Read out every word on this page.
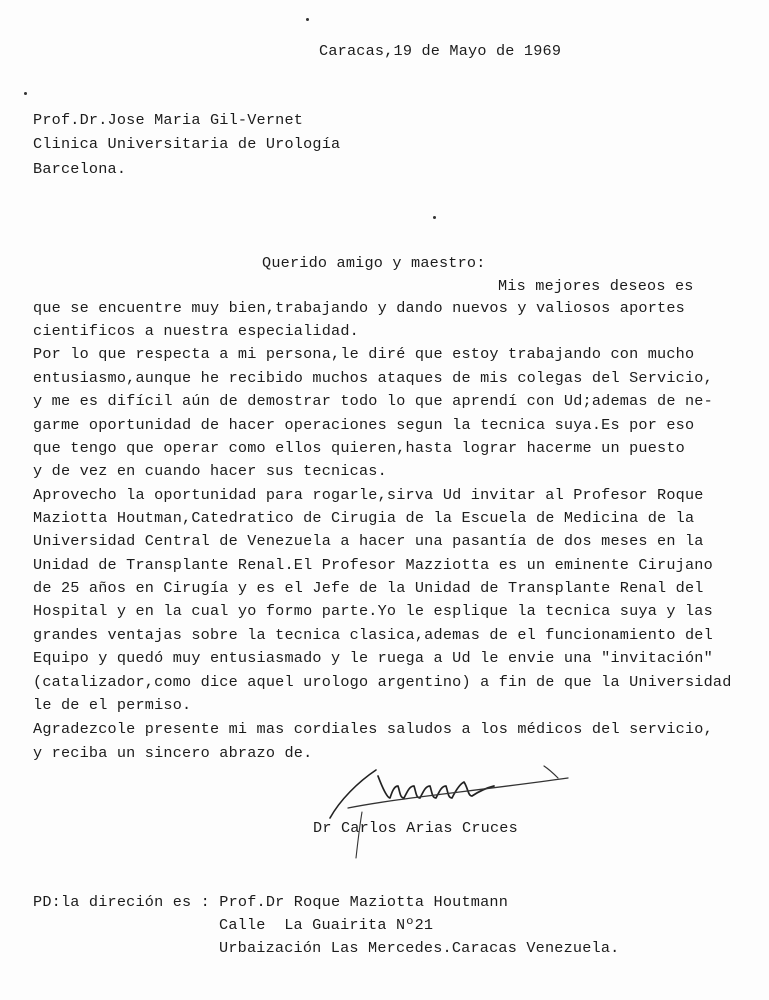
Caracas,19 de Mayo de 1969
Prof.Dr.Jose Maria Gil-Vernet
Clinica Universitaria de Urología
Barcelona.
Querido amigo y maestro:
Mis mejores deseos es
que se encuentre muy bien,trabajando y dando nuevos y valiosos aportes
cientificos a nuestra especialidad.
Por lo que respecta a mi persona,le diré que estoy trabajando con mucho
entusiasmo,aunque he recibido muchos ataques de mis colegas del Servicio,
y me es difícil aún de demostrar todo lo que aprendí con Ud;ademas de ne-
garme oportunidad de hacer operaciones segun la tecnica suya.Es por eso
que tengo que operar como ellos quieren,hasta lograr hacerme un puesto
y de vez en cuando hacer sus tecnicas.
Aprovecho la oportunidad para rogarle,sirva Ud invitar al Profesor Roque
Maziotta Houtman,Catedratico de Cirugia de la Escuela de Medicina de la
Universidad Central de Venezuela a hacer una pasantía de dos meses en la
Unidad de Transplante Renal.El Profesor Mazziotta es un eminente Cirujano
de 25 años en Cirugía y es el Jefe de la Unidad de Transplante Renal del
Hospital y en la cual yo formo parte.Yo le esplique la tecnica suya y las
grandes ventajas sobre la tecnica clasica,ademas de el funcionamiento del
Equipo y quedó muy entusiasmado y le ruega a Ud le envie una "invitación"
(catalizador,como dice aquel urologo argentino) a fin de que la Universidad
le de el permiso.
Agradezcole presente mi mas cordiales saludos a los médicos del servicio,
y reciba un sincero abrazo de.
Dr Carlos Arias Cruces
PD:la direción es : Prof.Dr Roque Maziotta Houtmann
Calle  La Guairita Nº21
Urbaización Las Mercedes.Caracas Venezuela.
